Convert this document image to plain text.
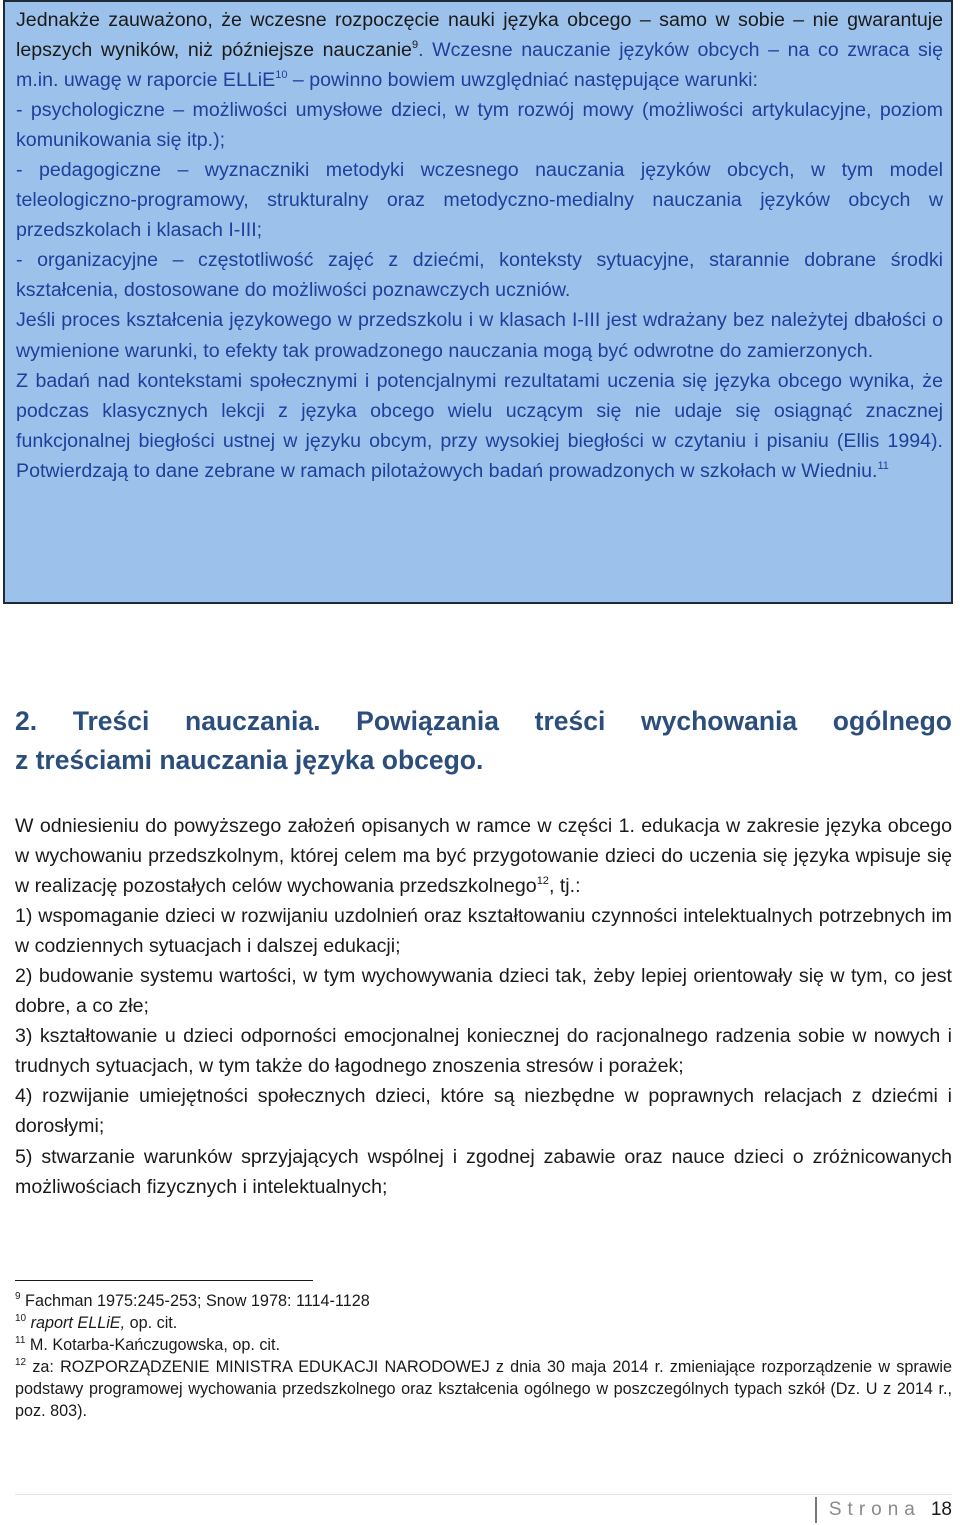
Jednakże zauważono, że wczesne rozpoczęcie nauki języka obcego – samo w sobie – nie gwarantuje lepszych wyników, niż późniejsze nauczanie$^9$. Wczesne nauczanie języków obcych – na co zwraca się m.in. uwagę w raporcie ELLiE$^{10}$ – powinno bowiem uwzględniać następujące warunki:

- psychologiczne – możliwości umysłowe dzieci, w tym rozwój mowy (możliwości artykulacyjne, poziom komunikowania się itp.);

- pedagogiczne – wyznaczniki metodyki wczesnego nauczania języków obcych, w tym model teleologiczno-programowy, strukturalny oraz metodyczno-medialny nauczania języków obcych w przedszkolach i klasach I-III;

- organizacyjne – częstotliwość zajęć z dziećmi, konteksty sytuacyjne, starannie dobrane środki kształcenia, dostosowane do możliwości poznawczych uczniów.

Jeśli proces kształcenia językowego w przedszkolu i w klasach I-III jest wdrażany bez należytej dbałości o wymienione warunki, to efekty tak prowadzonego nauczania mogą być odwrotne do zamierzonych.

Z badań nad kontekstami społecznymi i potencjalnymi rezultatami uczenia się języka obcego wynika, że podczas klasycznych lekcji z języka obcego wielu uczącym się nie udaje się osiągnąć znacznej funkcjonalnej biegłości ustnej w języku obcym, przy wysokiej biegłości w czytaniu i pisaniu (Ellis 1994). Potwierdzają to dane zebrane w ramach pilotażowych badań prowadzonych w szkołach w Wiedniu.$^{11}$

2. Treści nauczania. Powiązania treści wychowania ogólnego
z treściami nauczania języka obcego.

W odniesieniu do powyższego założeń opisanych w ramce w części 1. edukacja w zakresie języka obcego w wychowaniu przedszkolnym, której celem ma być przygotowanie dzieci do uczenia się języka wpisuje się w realizację pozostałych celów wychowania przedszkolnego$^{12}$, tj.:

1) wspomaganie dzieci w rozwijaniu uzdolnień oraz kształtowaniu czynności intelektualnych potrzebnych im w codziennych sytuacjach i dalszej edukacji;

2) budowanie systemu wartości, w tym wychowywania dzieci tak, żeby lepiej orientowały się w tym, co jest dobre, a co złe;

3) kształtowanie u dzieci odporności emocjonalnej koniecznej do racjonalnego radzenia sobie w nowych i trudnych sytuacjach, w tym także do łagodnego znoszenia stresów i porażek;

4) rozwijanie umiejętności społecznych dzieci, które są niezbędne w poprawnych relacjach z dziećmi i dorosłymi;

5) stwarzanie warunków sprzyjających wspólnej i zgodnej zabawie oraz nauce dzieci o zróżnicowanych możliwościach fizycznych i intelektualnych;

$^9$ Fachman 1975:245-253; Snow 1978: 1114-1128

$^{10}$ raport ELLiE, op. cit.

$^{11}$ M. Kotarba-Kańczugowska, op. cit.

$^{12}$ za: ROZPORZĄDZENIE MINISTRA EDUKACJI NARODOWEJ z dnia 30 maja 2014 r. zmieniające rozporządzenie w sprawie podstawy programowej wychowania przedszkolnego oraz kształcenia ogólnego w poszczególnych typach szkół (Dz. U z 2014 r., poz. 803).

Strona 18
